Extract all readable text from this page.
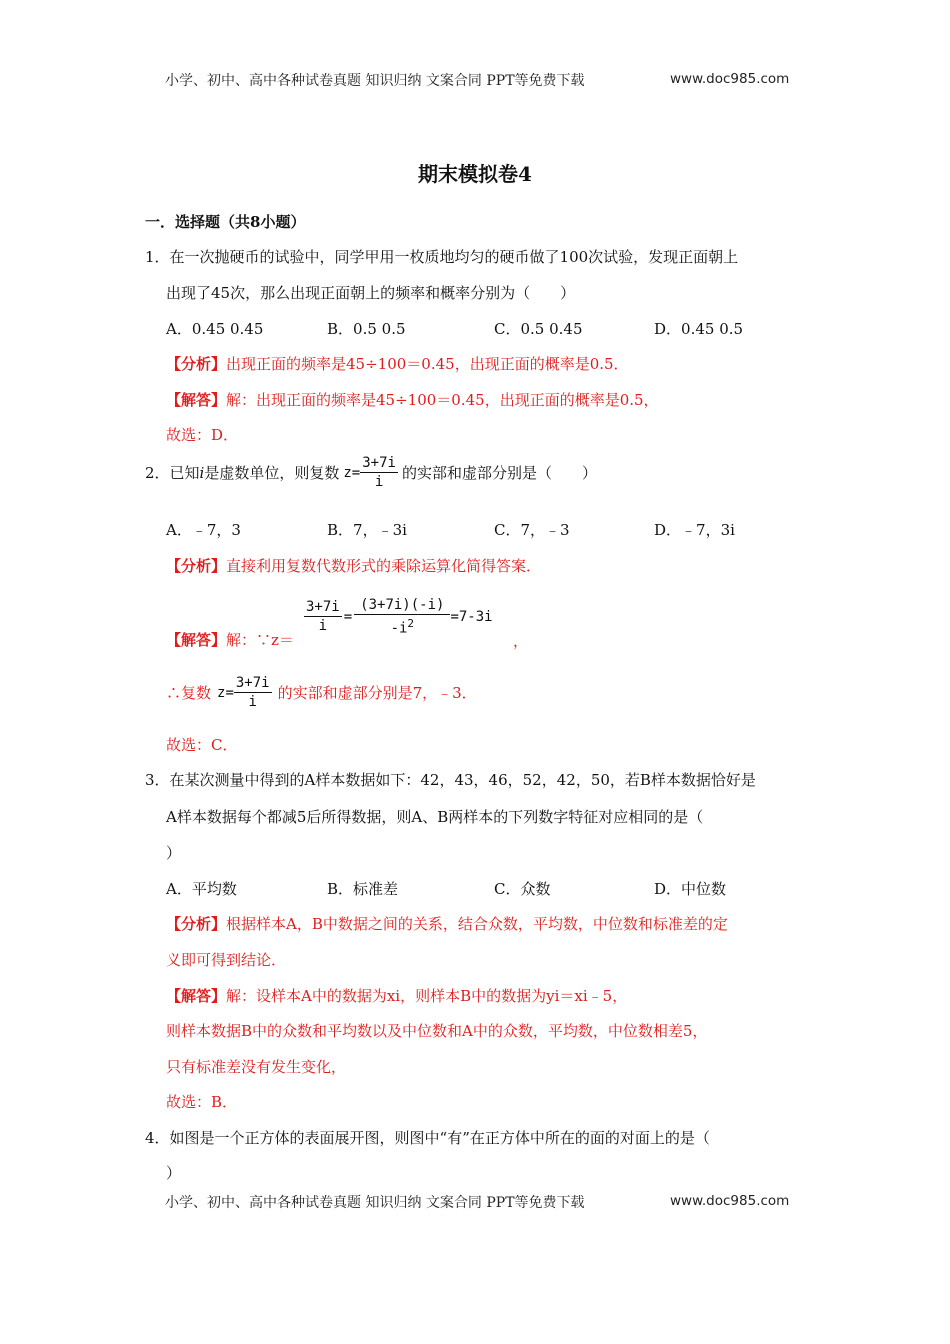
小学、初中、高中各种试卷真题 知识归纳 文案合同 PPT等免费下载	www.doc985.com
期末模拟卷4
一．选择题（共8小题）
1．在一次抛硬币的试验中，同学甲用一枚质地均匀的硬币做了100次试验，发现正面朝上
出现了45次，那么出现正面朝上的频率和概率分别为（　　）
A．0.45 0.45	B．0.5 0.5	C．0.5 0.45	D．0.45 0.5
【分析】出现正面的频率是45÷100＝0.45，出现正面的概率是0.5．
【解答】解：出现正面的频率是45÷100＝0.45，出现正面的概率是0.5，
故选：D．
2．已知 i 是虚数单位，则复数 $z= \frac{3+7i}{i}$ 的实部和虚部分别是（　　）
A．﹣7，3	B．7，﹣3i	C．7，﹣3	D．﹣7，3i
【分析】直接利用复数代数形式的乘除运算化简得答案．
【解答】解：∵z＝
$\frac{3+7i}{i} = \frac{(3+7i)(-i)}{-i^2} =7-3i$
，
∴复数 $z= \frac{3+7i}{i}$ 的实部和虚部分别是7，﹣3．
故选：C．
3．在某次测量中得到的A样本数据如下：42，43，46，52，42，50，若B样本数据恰好是
A样本数据每个都减5后所得数据，则A、B两样本的下列数字特征对应相同的是（
）
A．平均数	B．标准差	C．众数	D．中位数
【分析】根据样本A，B中数据之间的关系，结合众数，平均数，中位数和标准差的定
义即可得到结论．
【解答】解：设样本A中的数据为xi，则样本B中的数据为yi＝xi﹣5，
则样本数据B中的众数和平均数以及中位数和A中的众数，平均数，中位数相差5，
只有标准差没有发生变化，
故选：B．
4．如图是一个正方体的表面展开图，则图中“有”在正方体中所在的面的对面上的是（
）
小学、初中、高中各种试卷真题 知识归纳 文案合同 PPT等免费下载	www.doc985.com
